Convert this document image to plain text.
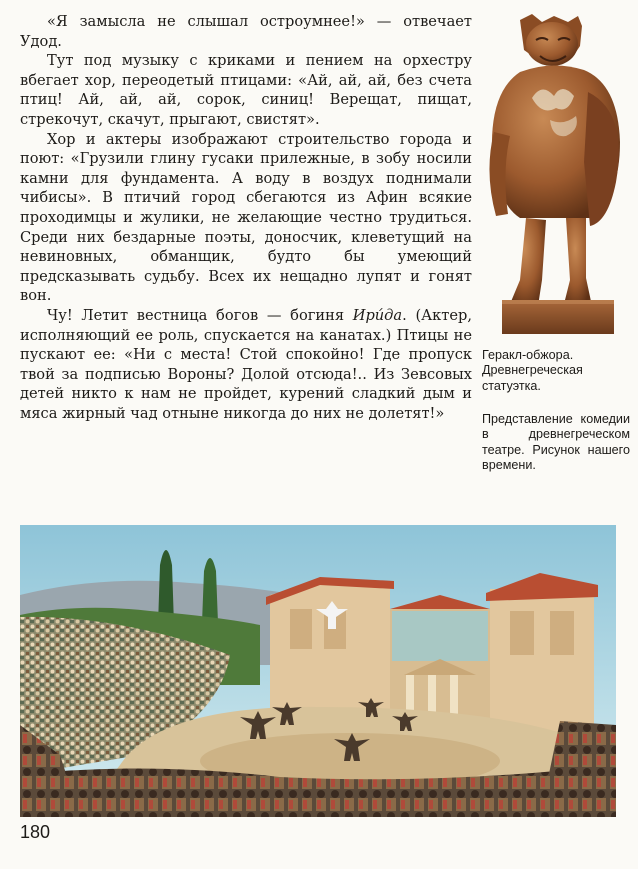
«Я замысла не слышал остроумнее!» — отвечает Удод.

Тут под музыку с криками и пением на орхестру вбегает хор, переодетый птицами: «Ай, ай, ай, без счета птиц! Ай, ай, ай, сорок, синиц! Верещат, пищат, стрекочут, скачут, прыгают, свистят».

Хор и актеры изображают строительство города и поют: «Грузили глину гусаки прилежные, в зобу носили камни для фундамента. А воду в воздух поднимали чибисы». В птичий город сбегаются из Афин всякие проходимцы и жулики, не желающие честно трудиться. Среди них бездарные поэты, доносчик, клеветущий на невиновных, обманщик, будто бы умеющий предсказывать судьбу. Всех их нещадно лупят и гонят вон.

Чу! Летит вестница богов — богиня Ири́да. (Актер, исполняющий ее роль, спускается на канатах.) Птицы не пускают ее: «Ни с места! Стой спокойно! Где пропуск твой за подписью Вороны? Долой отсюда!.. Из Зевсовых детей никто к нам не пройдет, курений сладкий дым и мяса жирный чад отныне никогда до них не долетят!»

Геракл-обжора. Древнегреческая статуэтка.
Представление комедии в древнегреческом театре. Рисунок нашего времени.
180
